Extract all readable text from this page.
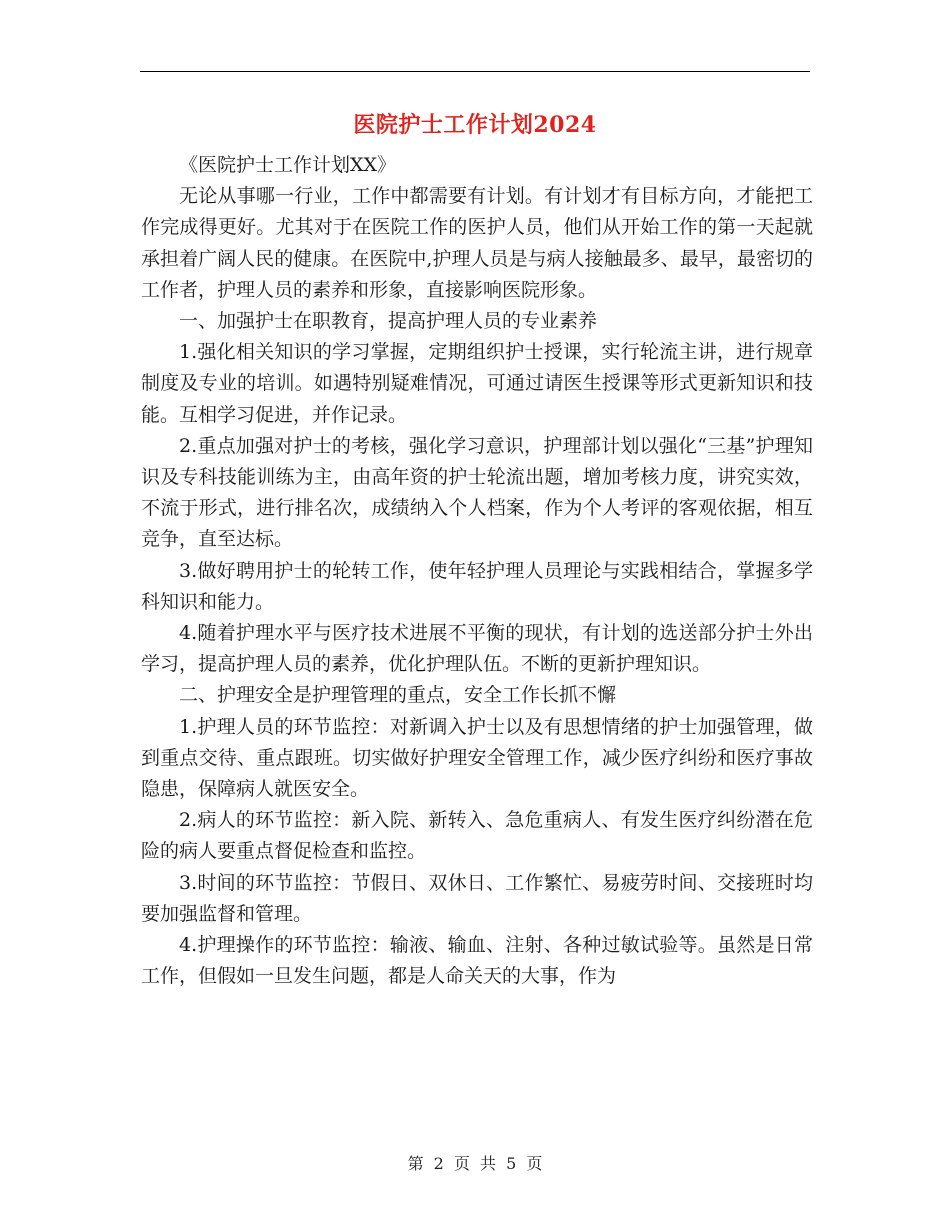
医院护士工作计划2024

《医院护士工作计划XX》

无论从事哪一行业，工作中都需要有计划。有计划才有目标方向，才能把工作完成得更好。尤其对于在医院工作的医护人员，他们从开始工作的第一天起就承担着广阔人民的健康。在医院中,护理人员是与病人接触最多、最早，最密切的工作者，护理人员的素养和形象，直接影响医院形象。

一、加强护士在职教育，提高护理人员的专业素养

1.强化相关知识的学习掌握，定期组织护士授课，实行轮流主讲，进行规章制度及专业的培训。如遇特别疑难情况，可通过请医生授课等形式更新知识和技能。互相学习促进，并作记录。

2.重点加强对护士的考核，强化学习意识，护理部计划以强化“三基”护理知识及专科技能训练为主，由高年资的护士轮流出题，增加考核力度，讲究实效，不流于形式，进行排名次，成绩纳入个人档案，作为个人考评的客观依据，相互竞争，直至达标。

3.做好聘用护士的轮转工作，使年轻护理人员理论与实践相结合，掌握多学科知识和能力。

4.随着护理水平与医疗技术进展不平衡的现状，有计划的选送部分护士外出学习，提高护理人员的素养，优化护理队伍。不断的更新护理知识。

二、护理安全是护理管理的重点，安全工作长抓不懈

1.护理人员的环节监控：对新调入护士以及有思想情绪的护士加强管理，做到重点交待、重点跟班。切实做好护理安全管理工作，减少医疗纠纷和医疗事故隐患，保障病人就医安全。

2.病人的环节监控：新入院、新转入、急危重病人、有发生医疗纠纷潜在危险的病人要重点督促检查和监控。

3.时间的环节监控：节假日、双休日、工作繁忙、易疲劳时间、交接班时均要加强监督和管理。

4.护理操作的环节监控：输液、输血、注射、各种过敏试验等。虽然是日常工作，但假如一旦发生问题，都是人命关天的大事，作为

第 2 页 共 5 页
